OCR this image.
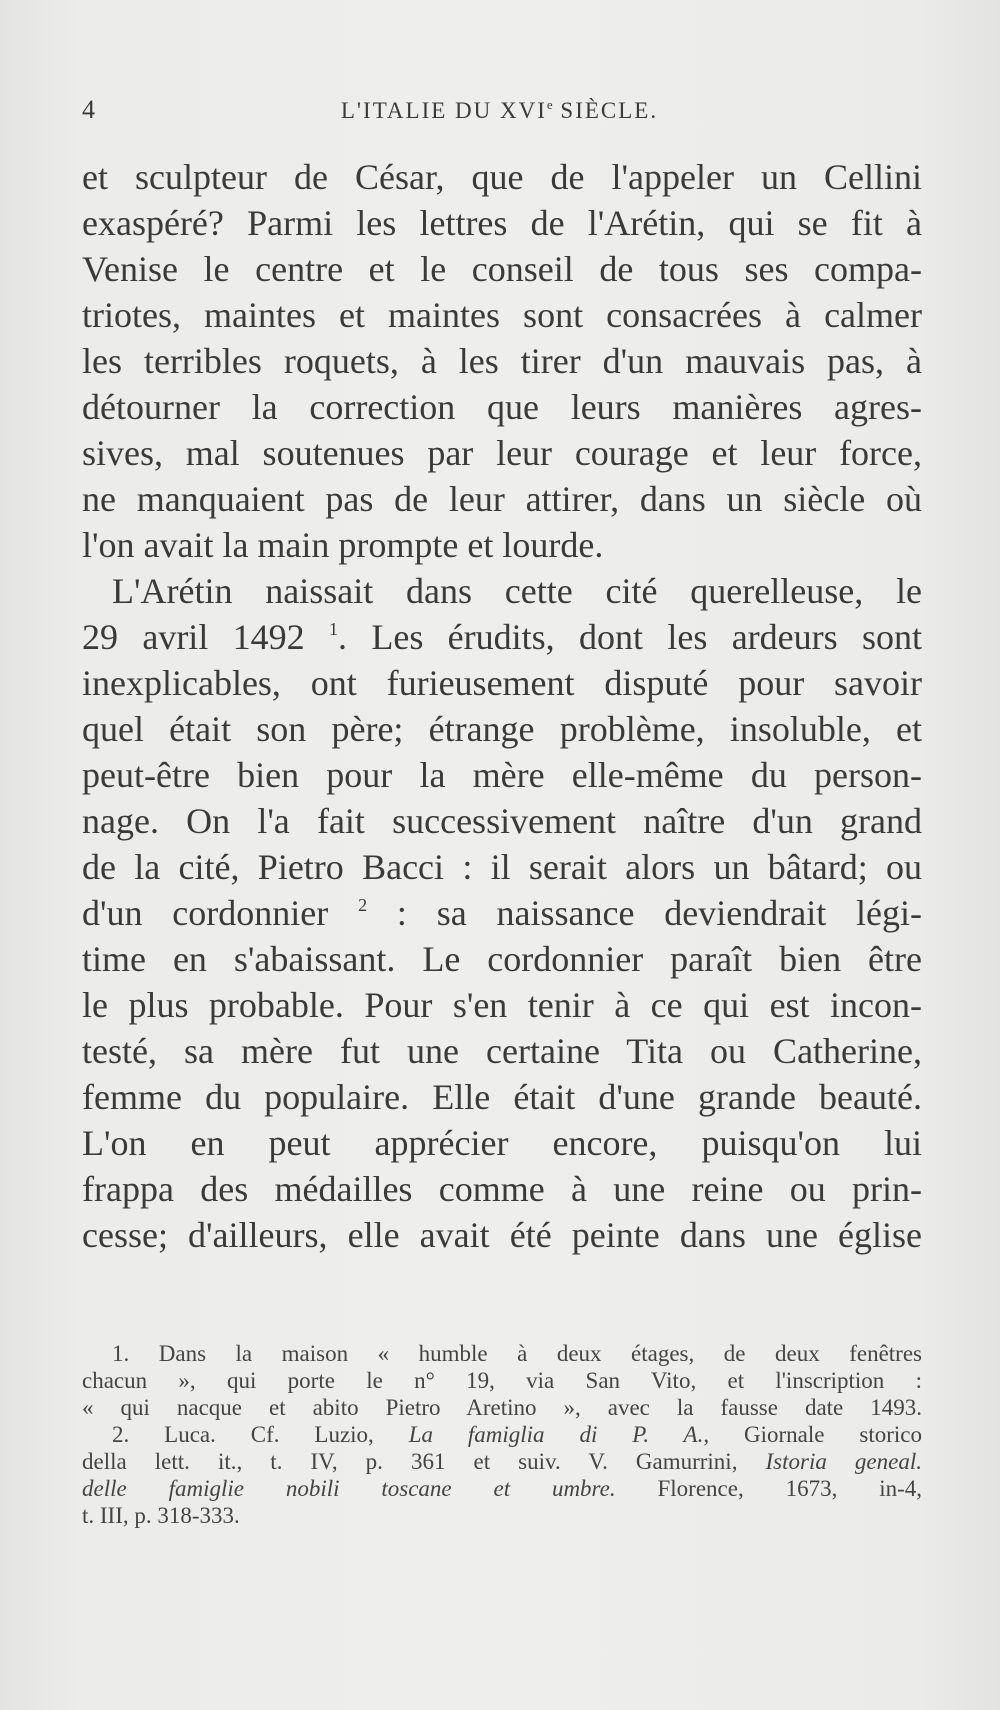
4	L'ITALIE DU XVIe SIÈCLE.
et sculpteur de César, que de l'appeler un Cellini
exaspéré? Parmi les lettres de l'Arétin, qui se fit à
Venise le centre et le conseil de tous ses compa-
triotes, maintes et maintes sont consacrées à calmer
les terribles roquets, à les tirer d'un mauvais pas, à
détourner la correction que leurs manières agres-
sives, mal soutenues par leur courage et leur force,
ne manquaient pas de leur attirer, dans un siècle où
l'on avait la main prompte et lourde.
L'Arétin naissait dans cette cité querelleuse, le
29 avril 1492 $^1$. Les érudits, dont les ardeurs sont
inexplicables, ont furieusement disputé pour savoir
quel était son père; étrange problème, insoluble, et
peut-être bien pour la mère elle-même du person-
nage. On l'a fait successivement naître d'un grand
de la cité, Pietro Bacci : il serait alors un bâtard; ou
d'un cordonnier $^2$ : sa naissance deviendrait légi-
time en s'abaissant. Le cordonnier paraît bien être
le plus probable. Pour s'en tenir à ce qui est incon-
testé, sa mère fut une certaine Tita ou Catherine,
femme du populaire. Elle était d'une grande beauté.
L'on en peut apprécier encore, puisqu'on lui
frappa des médailles comme à une reine ou prin-
cesse; d'ailleurs, elle avait été peinte dans une église
1. Dans la maison « humble à deux étages, de deux fenêtres
chacun », qui porte le n° 19, via San Vito, et l'inscription :
« qui nacque et abito Pietro Aretino », avec la fausse date 1493.
2. Luca. Cf. Luzio, La famiglia di P. A., Giornale storico
della lett. it., t. IV, p. 361 et suiv. V. Gamurrini, Istoria geneal.
delle famiglie nobili toscane et umbre. Florence, 1673, in-4,
t. III, p. 318-333.
